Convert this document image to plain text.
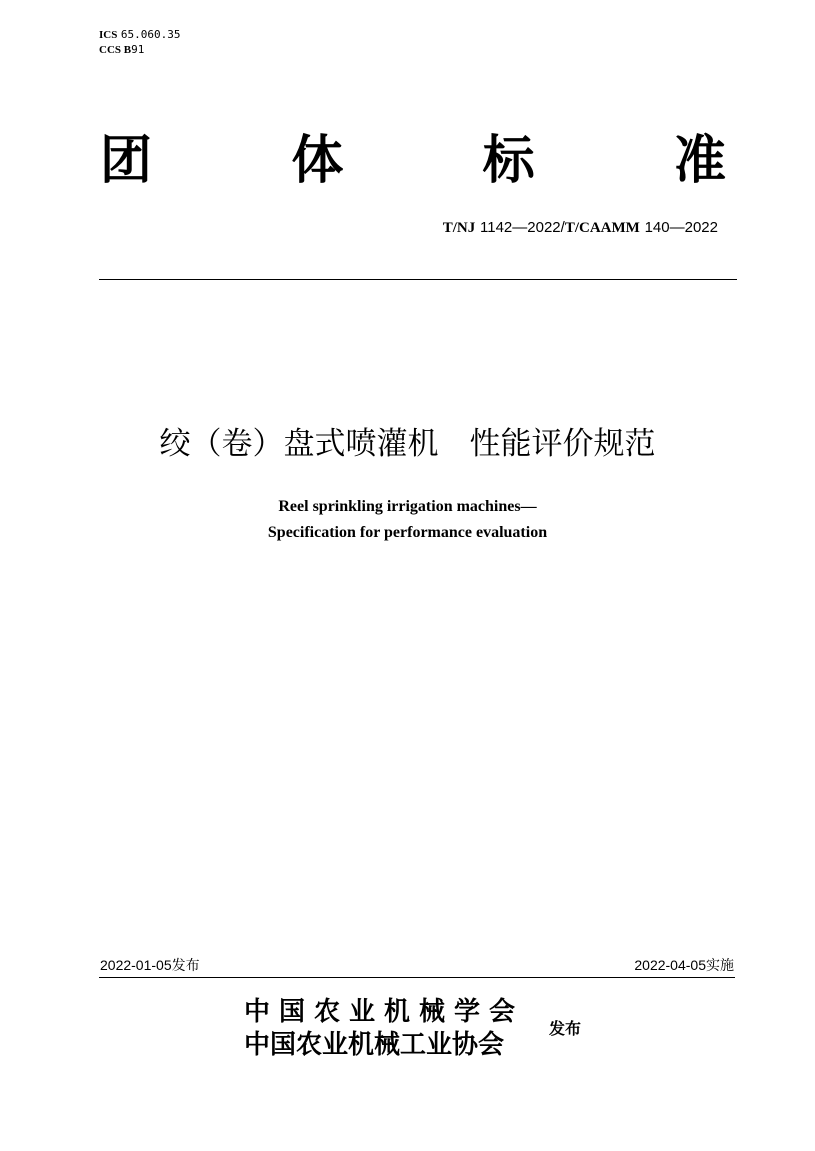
ICS 65.060.35
CCS B91
团	体	标	准
T/NJ 1142—2022/T/CAAMM 140—2022
绞（卷）盘式喷灌机　性能评价规范
Reel sprinkling irrigation machines—
Specification for performance evaluation
2022-01-05发布	2022-04-05实施
中国农业机械学会
中国农业机械工业协会
发布
